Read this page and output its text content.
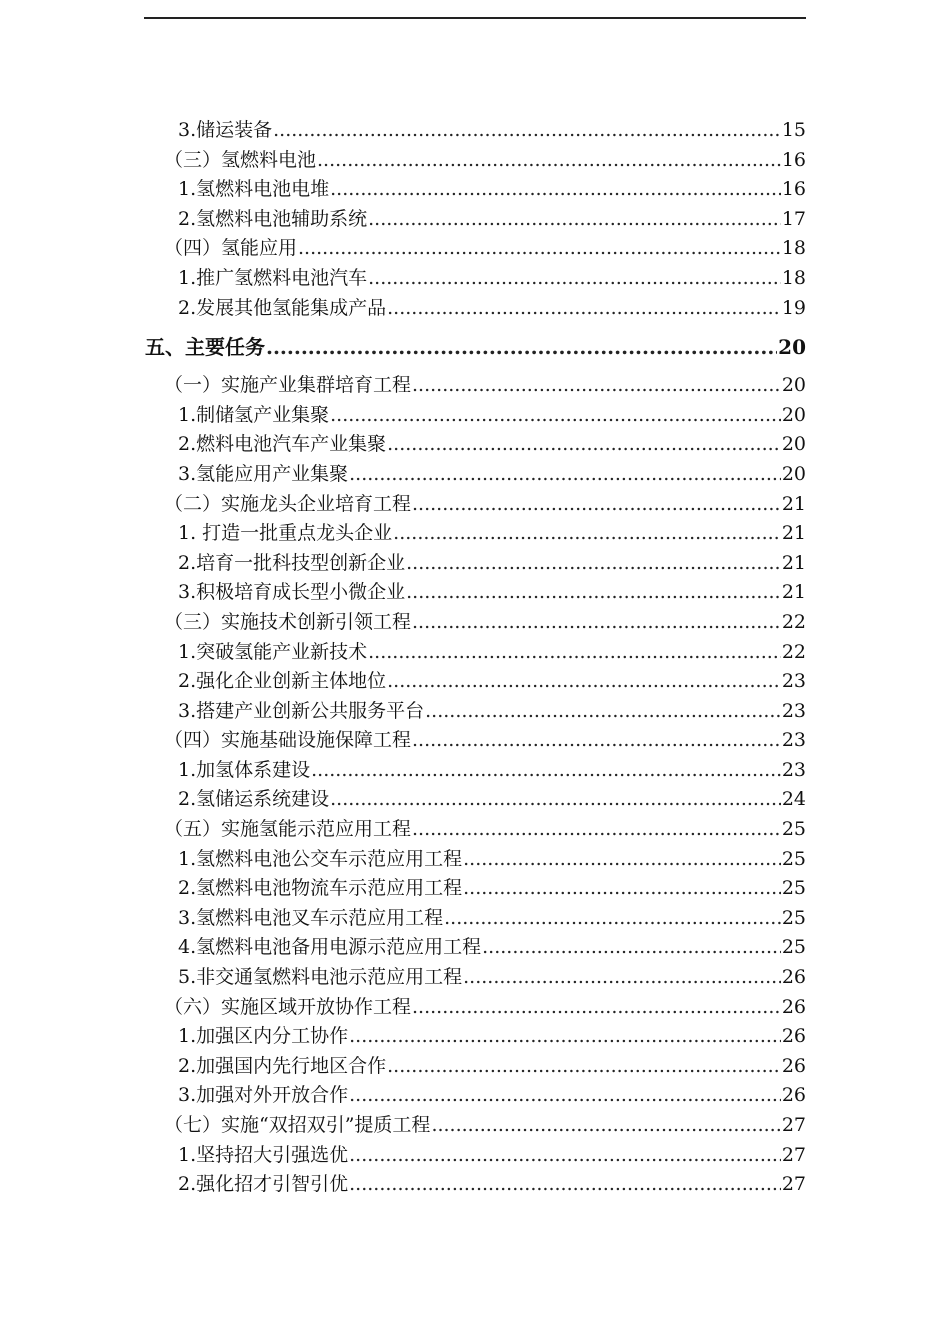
3.储运装备 .....	15
（三）氢燃料电池 .....	16
1.氢燃料电池电堆 .....	16
2.氢燃料电池辅助系统 .....	17
（四）氢能应用 .....	18
1.推广氢燃料电池汽车 .....	18
2.发展其他氢能集成产品 .....	19
五、主要任务 .....	20
（一）实施产业集群培育工程 .....	20
1.制储氢产业集聚 .....	20
2.燃料电池汽车产业集聚 .....	20
3.氢能应用产业集聚 .....	20
（二）实施龙头企业培育工程 .....	21
1. 打造一批重点龙头企业 .....	21
2.培育一批科技型创新企业 .....	21
3.积极培育成长型小微企业 .....	21
（三）实施技术创新引领工程 .....	22
1.突破氢能产业新技术 .....	22
2.强化企业创新主体地位 .....	23
3.搭建产业创新公共服务平台 .....	23
（四）实施基础设施保障工程 .....	23
1.加氢体系建设 .....	23
2.氢储运系统建设 .....	24
（五）实施氢能示范应用工程 .....	25
1.氢燃料电池公交车示范应用工程 .....	25
2.氢燃料电池物流车示范应用工程 .....	25
3.氢燃料电池叉车示范应用工程 .....	25
4.氢燃料电池备用电源示范应用工程 .....	25
5.非交通氢燃料电池示范应用工程 .....	26
（六）实施区域开放协作工程 .....	26
1.加强区内分工协作 .....	26
2.加强国内先行地区合作 .....	26
3.加强对外开放合作 .....	26
（七）实施“双招双引”提质工程 .....	27
1.坚持招大引强选优 .....	27
2.强化招才引智引优 .....	27
